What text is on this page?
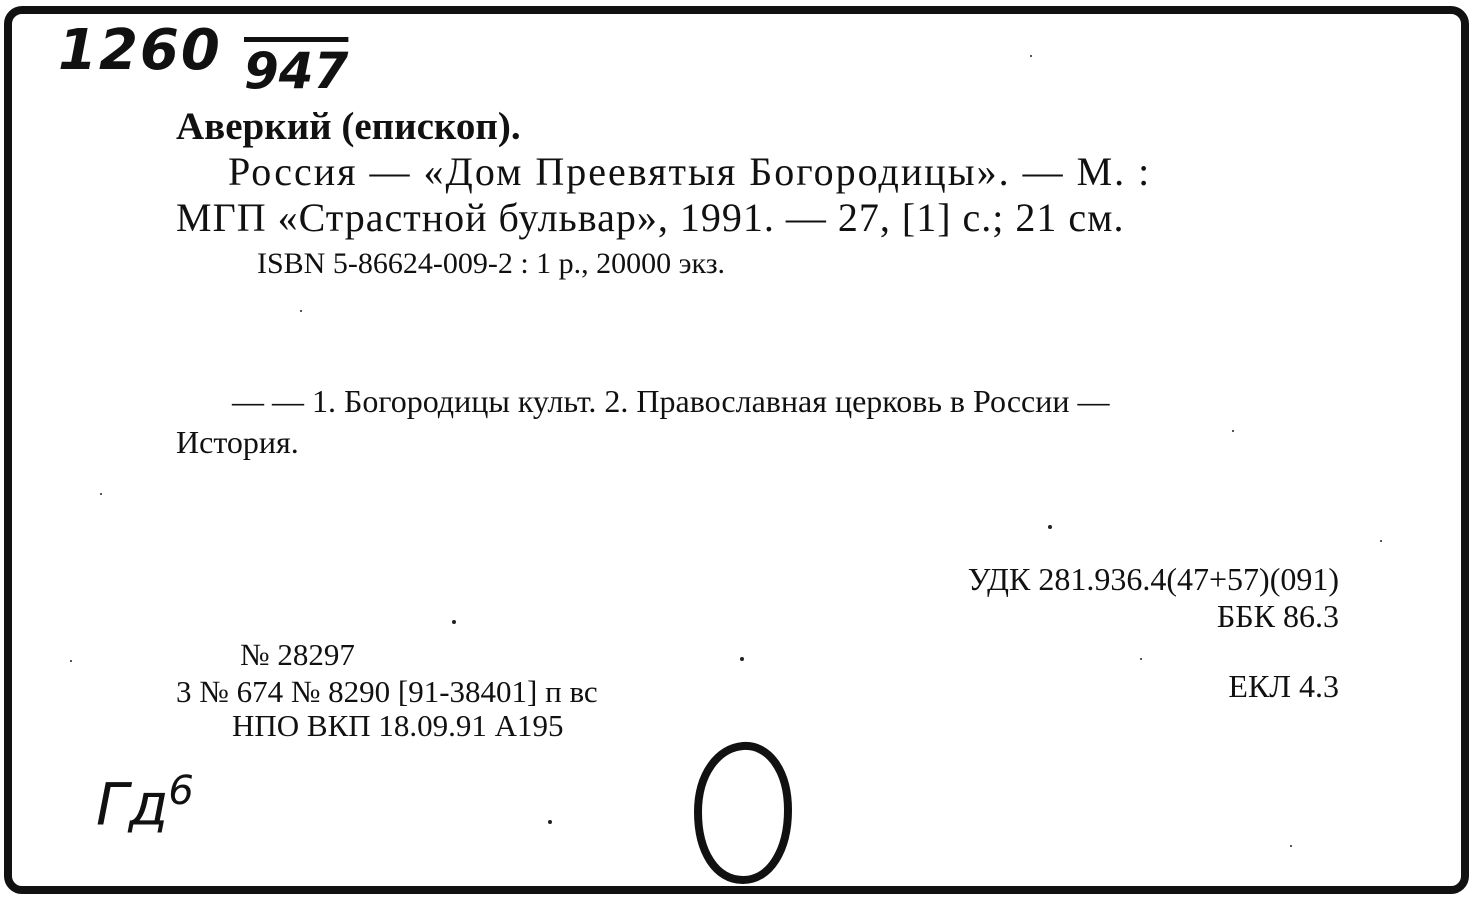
1260 947
Аверкий (епископ).
Россия — «Дом Преевятыя Богородицы». — М. :
МГП «Страстной бульвар», 1991. — 27, [1] с.; 21 см.
ISBN 5-86624-009-2 : 1 р., 20000 экз.
— — 1. Богородицы культ. 2. Православная церковь в России —
История.
УДК 281.936.4(47+57)(091)
ББК 86.3
№ 28297
3 № 674 № 8290 [91-38401] п вс
НПО ВКП 18.09.91 А195
ЕКЛ 4.3
$Гд^6$
